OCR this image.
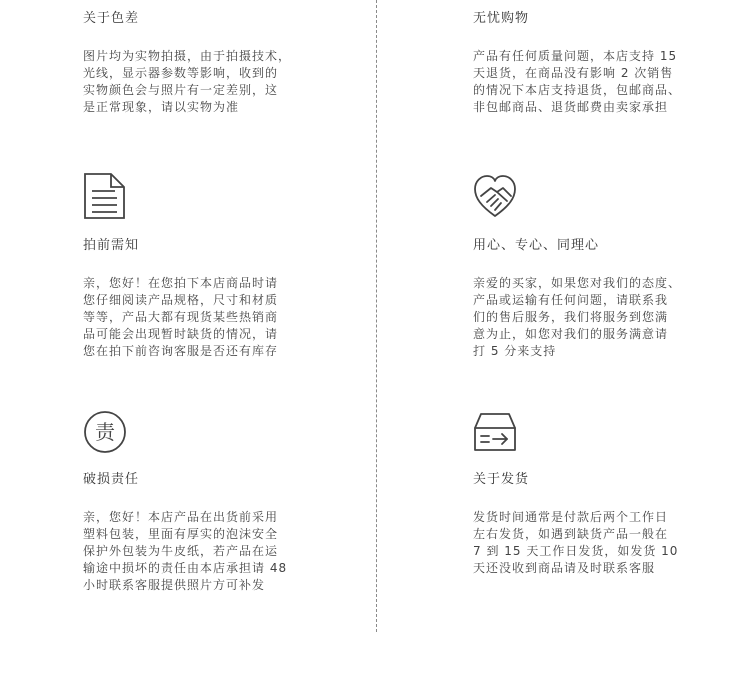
关于色差

图片均为实物拍摄，由于拍摄技术，
光线，显示器参数等影响，收到的
实物颜色会与照片有一定差别，这
是正常现象，请以实物为准

无忧购物

产品有任何质量问题，本店支持 15
天退货，在商品没有影响 2 次销售
的情况下本店支持退货，包邮商品、
非包邮商品、退货邮费由卖家承担

拍前需知

亲，您好！在您拍下本店商品时请
您仔细阅读产品规格，尺寸和材质
等等，产品大都有现货某些热销商
品可能会出现暂时缺货的情况，请
您在拍下前咨询客服是否还有库存

用心、专心、同理心

亲爱的买家，如果您对我们的态度、
产品或运输有任何问题，请联系我
们的售后服务，我们将服务到您满
意为止，如您对我们的服务满意请
打 5 分来支持

责

破损责任

亲，您好！本店产品在出货前采用
塑料包装，里面有厚实的泡沫安全
保护外包装为牛皮纸，若产品在运
输途中损坏的责任由本店承担请 48
小时联系客服提供照片方可补发

关于发货

发货时间通常是付款后两个工作日
左右发货，如遇到缺货产品一般在
7 到 15 天工作日发货，如发货 10
天还没收到商品请及时联系客服
